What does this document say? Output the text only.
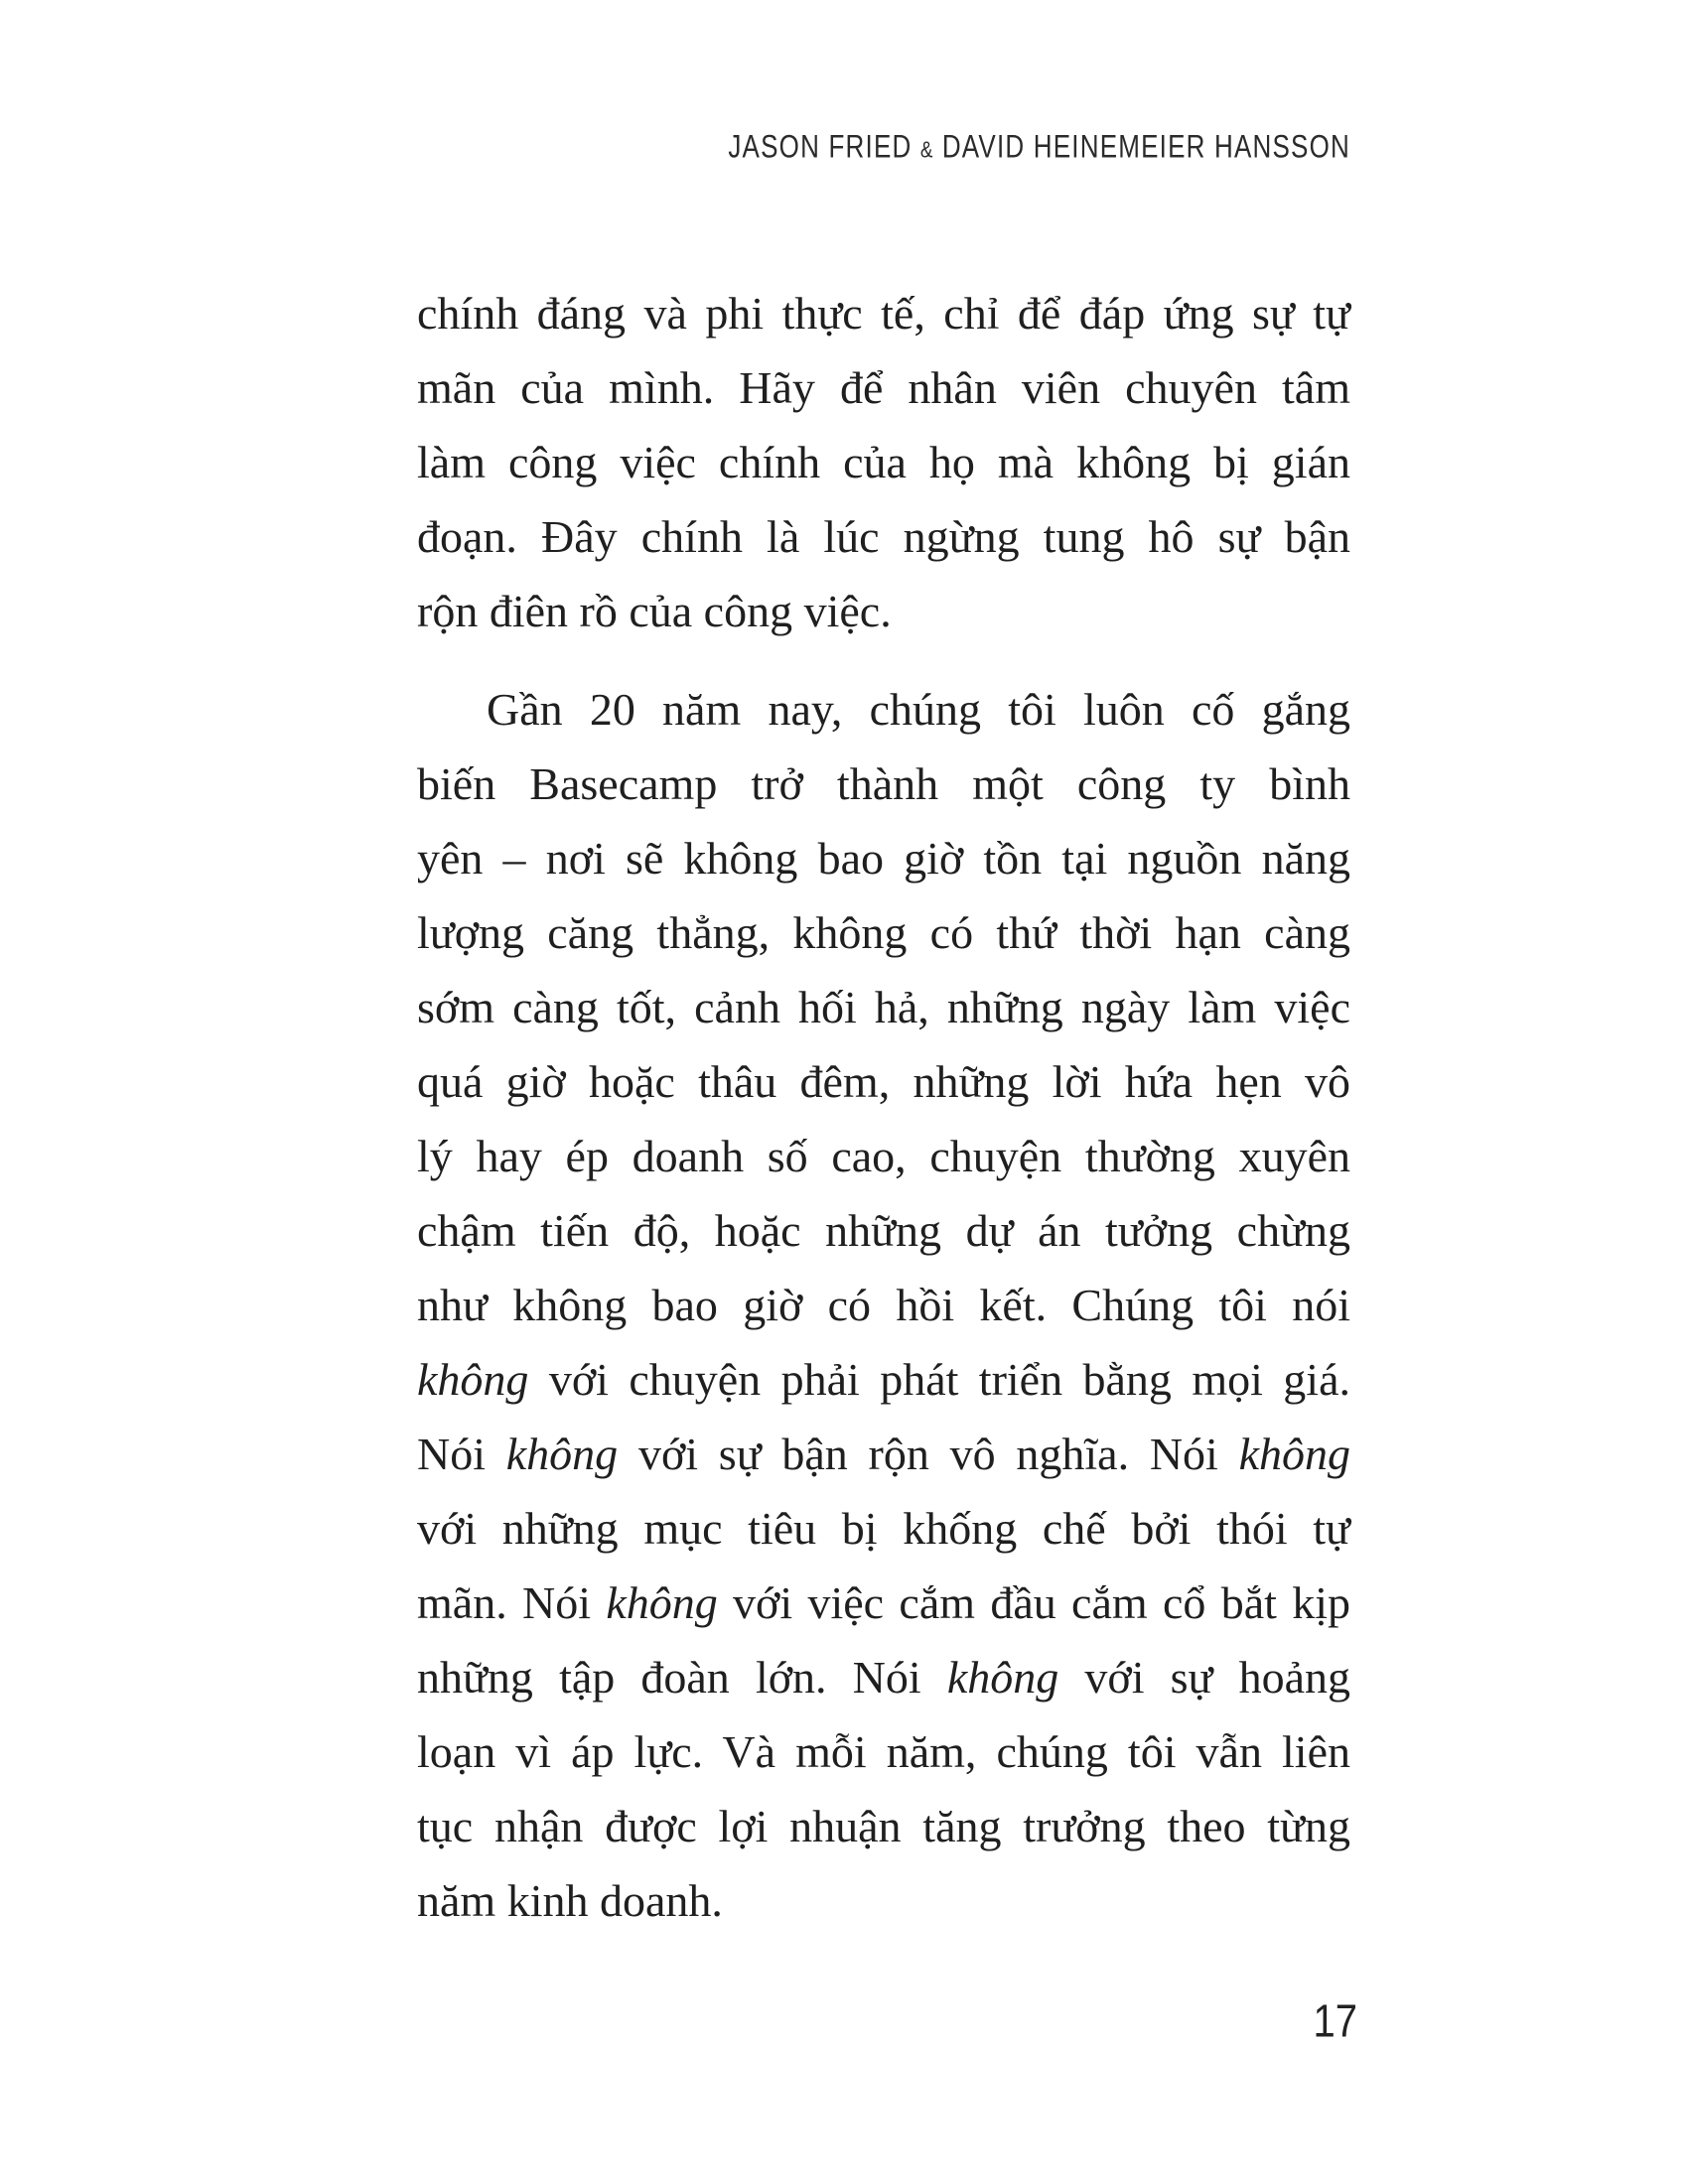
JASON FRIED & DAVID HEINEMEIER HANSSON
chính đáng và phi thực tế, chỉ để đáp ứng sự tự
mãn của mình. Hãy để nhân viên chuyên tâm
làm công việc chính của họ mà không bị gián
đoạn. Đây chính là lúc ngừng tung hô sự bận
rộn điên rồ của công việc.
Gần 20 năm nay, chúng tôi luôn cố gắng
biến Basecamp trở thành một công ty bình
yên – nơi sẽ không bao giờ tồn tại nguồn năng
lượng căng thẳng, không có thứ thời hạn càng
sớm càng tốt, cảnh hối hả, những ngày làm việc
quá giờ hoặc thâu đêm, những lời hứa hẹn vô
lý hay ép doanh số cao, chuyện thường xuyên
chậm tiến độ, hoặc những dự án tưởng chừng
như không bao giờ có hồi kết. Chúng tôi nói
không với chuyện phải phát triển bằng mọi giá.
Nói không với sự bận rộn vô nghĩa. Nói không
với những mục tiêu bị khống chế bởi thói tự
mãn. Nói không với việc cắm đầu cắm cổ bắt kịp
những tập đoàn lớn. Nói không với sự hoảng
loạn vì áp lực. Và mỗi năm, chúng tôi vẫn liên
tục nhận được lợi nhuận tăng trưởng theo từng
năm kinh doanh.
17
